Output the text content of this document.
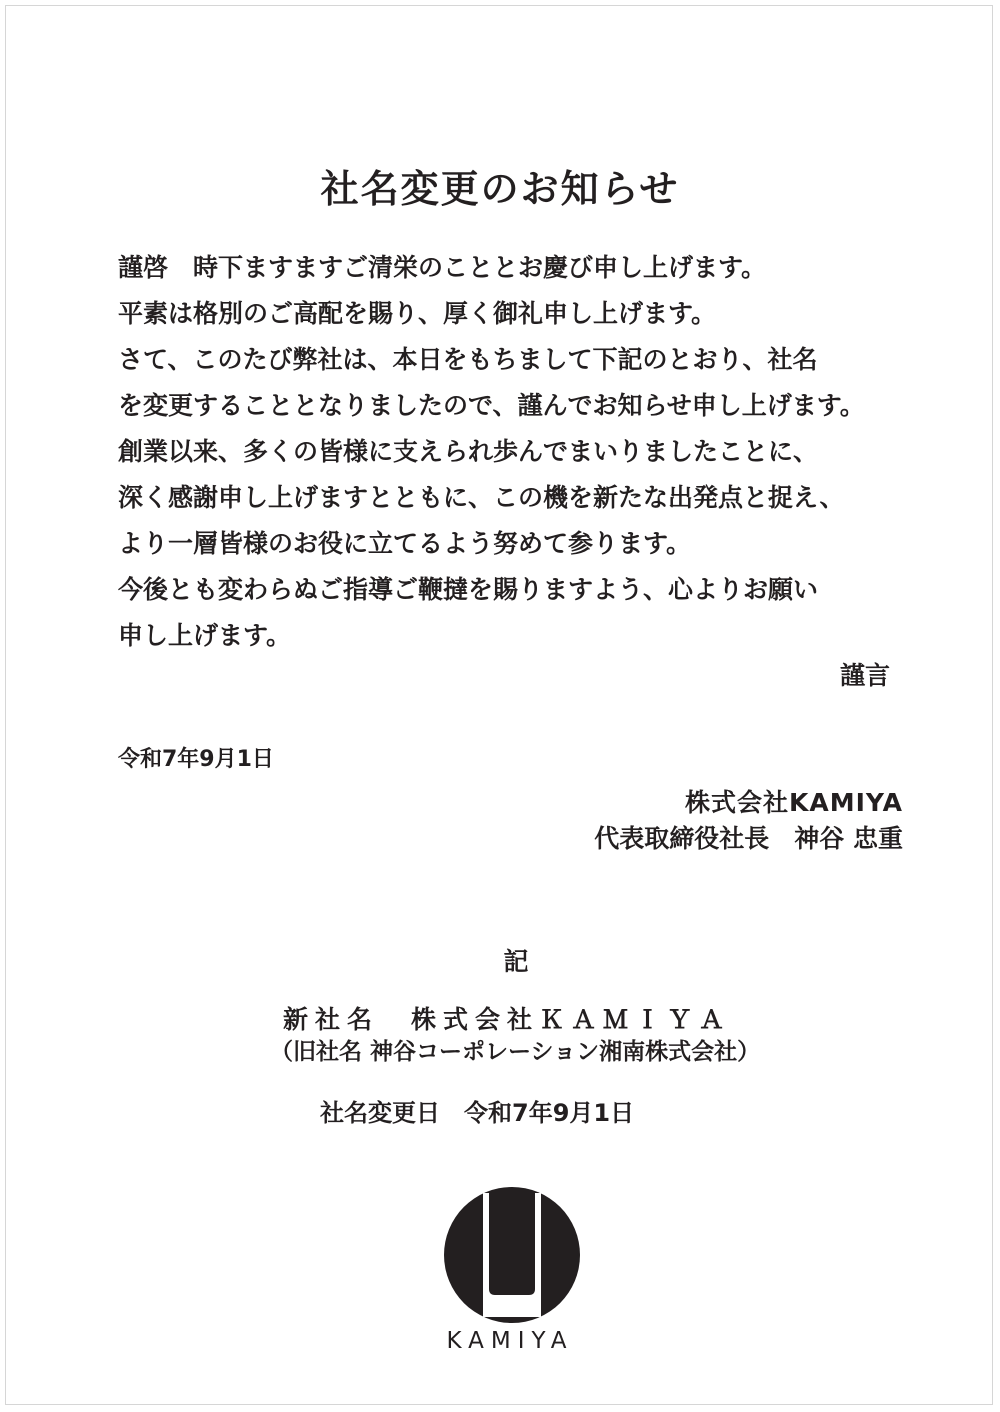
社名変更のお知らせ
謹啓　時下ますますご清栄のこととお慶び申し上げます。
平素は格別のご高配を賜り、厚く御礼申し上げます。
さて、このたび弊社は、本日をもちまして下記のとおり、社名
を変更することとなりましたので、謹んでお知らせ申し上げます。
創業以来、多くの皆様に支えられ歩んでまいりましたことに、
深く感謝申し上げますとともに、この機を新たな出発点と捉え、
より一層皆様のお役に立てるよう努めて参ります。
今後とも変わらぬご指導ご鞭撻を賜りますよう、心よりお願い
申し上げます。
謹言
令和7年9月1日
株式会社KAMIYA
代表取締役社長　神谷 忠重
記
新社名　株式会社ＫＡＭＩＹＡ
（旧社名 神谷コーポレーション湘南株式会社）
社名変更日　令和7年9月1日
KAMIYA
